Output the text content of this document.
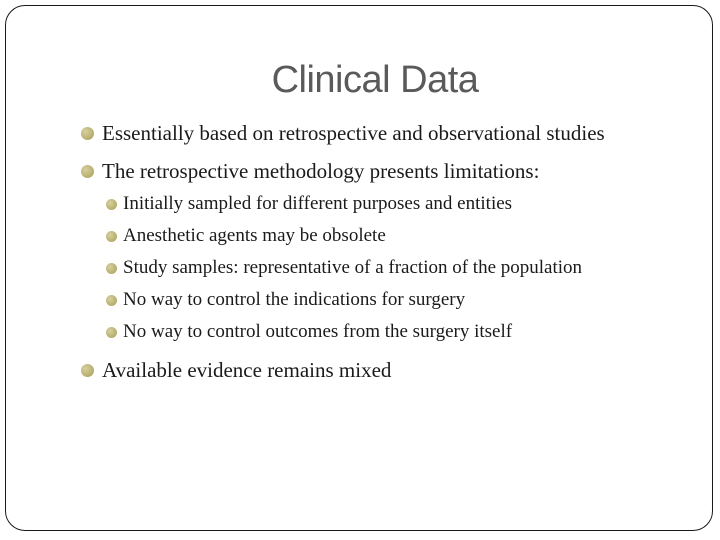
Clinical Data
Essentially based on retrospective and observational studies
The retrospective methodology presents limitations:
Initially sampled for different purposes and entities
Anesthetic agents may be obsolete
Study samples: representative of a fraction of the population
No way to control the indications for surgery
No way to control outcomes from the surgery itself
Available evidence remains mixed
